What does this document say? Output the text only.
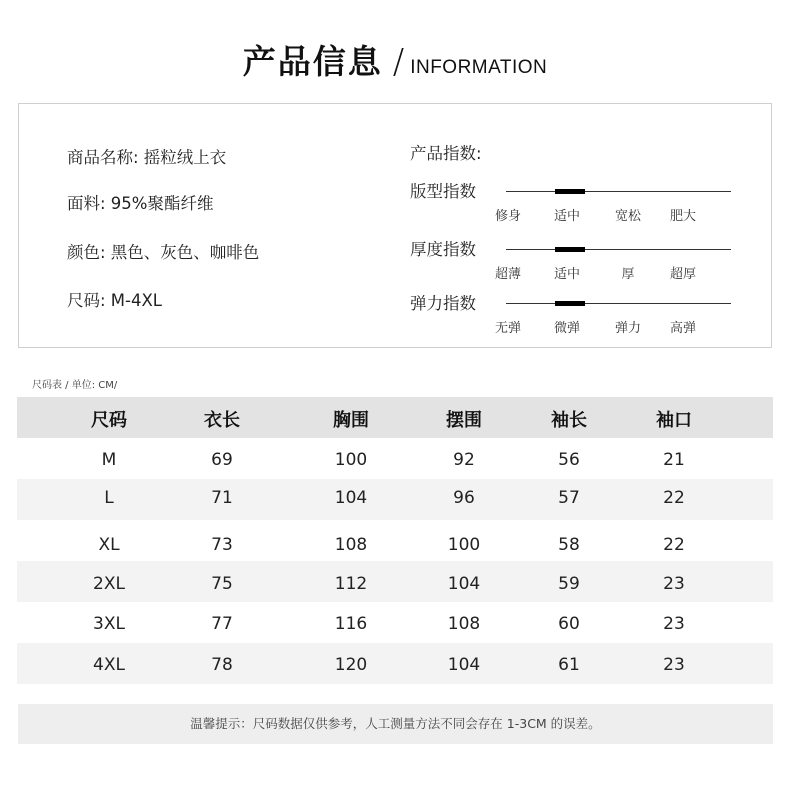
产品信息 / INFORMATION
商品名称: 摇粒绒上衣
面料: 95%聚酯纤维
颜色: 黑色、灰色、咖啡色
尺码: M-4XL
产品指数:
版型指数
修身	适中	宽松	肥大
厚度指数
超薄	适中	厚	超厚
弹力指数
无弹	微弹	弹力	高弹
尺码表 / 单位: CM/
尺码	衣长	胸围	摆围	袖长	袖口
M	69	100	92	56	21
L	71	104	96	57	22
XL	73	108	100	58	22
2XL	75	112	104	59	23
3XL	77	116	108	60	23
4XL	78	120	104	61	23
温馨提示：尺码数据仅供参考，人工测量方法不同会存在 1-3CM 的误差。
